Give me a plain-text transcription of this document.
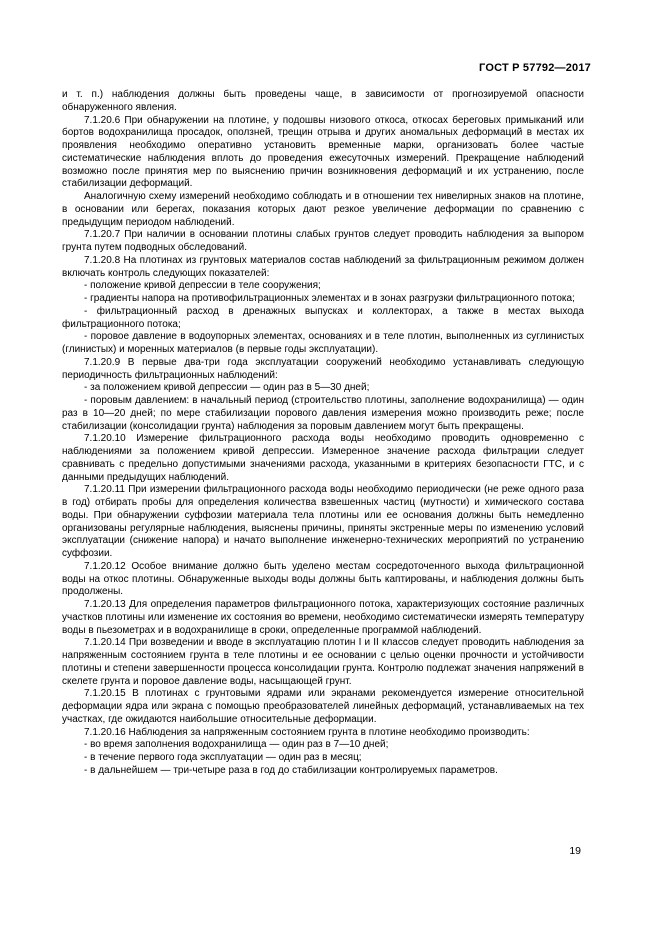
ГОСТ Р 57792—2017

и т. п.) наблюдения должны быть проведены чаще, в зависимости от прогнозируемой опасности обнаруженного явления.

7.1.20.6 При обнаружении на плотине, у подошвы низового откоса, откосах береговых примыканий или бортов водохранилища просадок, оползней, трещин отрыва и других аномальных деформаций в местах их проявления необходимо оперативно установить временные марки, организовать более частые систематические наблюдения вплоть до проведения ежесуточных измерений. Прекращение наблюдений возможно после принятия мер по выяснению причин возникновения деформаций и их устранению, после стабилизации деформаций.

Аналогичную схему измерений необходимо соблюдать и в отношении тех нивелирных знаков на плотине, в основании или берегах, показания которых дают резкое увеличение деформации по сравнению с предыдущим периодом наблюдений.

7.1.20.7 При наличии в основании плотины слабых грунтов следует проводить наблюдения за выпором грунта путем подводных обследований.

7.1.20.8 На плотинах из грунтовых материалов состав наблюдений за фильтрационным режимом должен включать контроль следующих показателей:

- положение кривой депрессии в теле сооружения;

- градиенты напора на противофильтрационных элементах и в зонах разгрузки фильтрационного потока;

- фильтрационный расход в дренажных выпусках и коллекторах, а также в местах выхода фильтрационного потока;

- поровое давление в водоупорных элементах, основаниях и в теле плотин, выполненных из суглинистых (глинистых) и моренных материалов (в первые годы эксплуатации).

7.1.20.9 В первые два-три года эксплуатации сооружений необходимо устанавливать следующую периодичность фильтрационных наблюдений:

- за положением кривой депрессии — один раз в 5—30 дней;

- поровым давлением: в начальный период (строительство плотины, заполнение водохранилища) — один раз в 10—20 дней; по мере стабилизации порового давления измерения можно производить реже; после стабилизации (консолидации грунта) наблюдения за поровым давлением могут быть прекращены.

7.1.20.10 Измерение фильтрационного расхода воды необходимо проводить одновременно с наблюдениями за положением кривой депрессии. Измеренное значение расхода фильтрации следует сравнивать с предельно допустимыми значениями расхода, указанными в критериях безопасности ГТС, и с данными предыдущих наблюдений.

7.1.20.11 При измерении фильтрационного расхода воды необходимо периодически (не реже одного раза в год) отбирать пробы для определения количества взвешенных частиц (мутности) и химического состава воды. При обнаружении суффозии материала тела плотины или ее основания должны быть немедленно организованы регулярные наблюдения, выяснены причины, приняты экстренные меры по изменению условий эксплуатации (снижение напора) и начато выполнение инженерно-технических мероприятий по устранению суффозии.

7.1.20.12 Особое внимание должно быть уделено местам сосредоточенного выхода фильтрационной воды на откос плотины. Обнаруженные выходы воды должны быть каптированы, и наблюдения должны быть продолжены.

7.1.20.13 Для определения параметров фильтрационного потока, характеризующих состояние различных участков плотины или изменение их состояния во времени, необходимо систематически измерять температуру воды в пьезометрах и в водохранилище в сроки, определенные программой наблюдений.

7.1.20.14 При возведении и вводе в эксплуатацию плотин I и II классов следует проводить наблюдения за напряженным состоянием грунта в теле плотины и ее основании с целью оценки прочности и устойчивости плотины и степени завершенности процесса консолидации грунта. Контролю подлежат значения напряжений в скелете грунта и поровое давление воды, насыщающей грунт.

7.1.20.15 В плотинах с грунтовыми ядрами или экранами рекомендуется измерение относительной деформации ядра или экрана с помощью преобразователей линейных деформаций, устанавливаемых на тех участках, где ожидаются наибольшие относительные деформации.

7.1.20.16 Наблюдения за напряженным состоянием грунта в плотине необходимо производить:

- во время заполнения водохранилища — один раз в 7—10 дней;

- в течение первого года эксплуатации — один раз в месяц;

- в дальнейшем — три-четыре раза в год до стабилизации контролируемых параметров.

19
